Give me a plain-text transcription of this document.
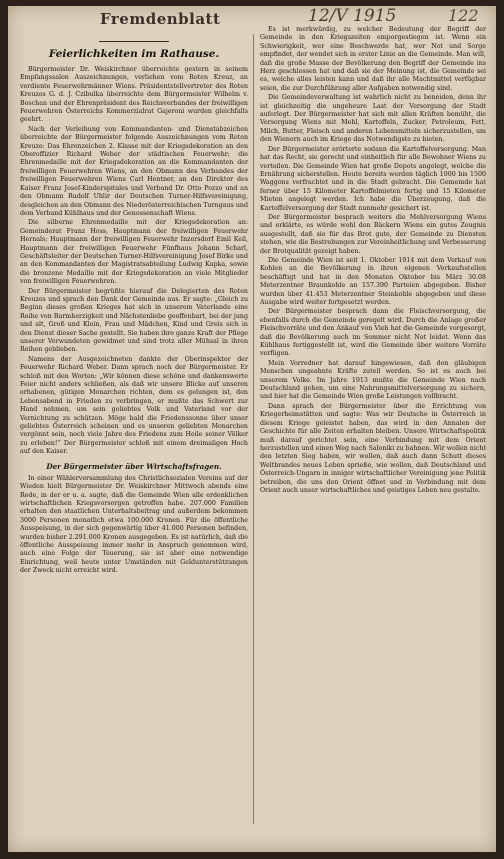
Fremdenblatt	12/V 1915	122
Feierlichkeiten im Rathause.

Bürgermeister Dr. Weiskirchner überreichte gestern in seinem Empfangssalon Auszeichnungen, verliehen vom Roten Kreuz, an verdiente Feuerwehrmänner Wiens. Präsidentstellvertreter des Roten Kreuzes G. d. J. Czibulka überreichte dem Bürgermeister Wilhelm v. Boschan und der Ehrenpräsident des Reichsverbandes der freiwilligen Feuerwehren Österreichs Kommerzialrat Gajeroni wurden gleichfalls geehrt.

Nach der Verleihung von Kommandanten- und Dienstabzeichen überreichte der Bürgermeister folgende Auszeichnungen vom Roten Kreuze: Das Ehrenzeichen 2. Klasse mit der Kriegsdekoration an den Oberoffizier Richard Weber der städtischen Feuerwehr; die Ehrenmedaille mit der Kriegsdekoration an die Kommandanten der freiwilligen Feuerwehren Wiens, an den Obmann des Verbandes der freiwilligen Feuerwehren Wiens Carl Hentner, an den Direktor des Kaiser Franz Josef-Kinderspitales und Verband Dr. Otto Pozzo und an den Obmann Rudolf Uhlir der Deutschen Turner-Hilfsvereinigung, desgleichen an den Obmann des Niederösterreichischen Turngaus und dem Verband Kühlhaus und der Genossenschaft Wiens.

Die silberne Ehrenmedaille mit der Kriegsdekoration an: Gemeinderat Franz Hoss, Hauptmann der freiwilligen Feuerwehr Hernals; Hauptmann der freiwilligen Feuerwehr Inzersdorf Emil Keil, Hauptmann der freiwilligen Feuerwehr Fünfhaus Johann Scharl, Geschäftsleiter der Deutschen Turner-Hilfsvereinigung Josef Birke und an den Kommandanten der Magistratsabteilung Ludwig Kupka, sowie die bronzene Medaille mit der Kriegsdekoration an viele Mitglieder von freiwilligen Feuerwehren.

Der Bürgermeister begrüßte hierauf die Delegierten des Roten Kreuzes und sprach den Dank der Gemeinde aus. Er sagte: „Gleich zu Beginn dieses großen Krieges hat sich in unserem Vaterlande eine Reihe von Barmherzigkeit und Nächstenliebe geoffenbart, bei der jung und alt, Groß und Klein, Frau und Mädchen, Kind und Greis sich in den Dienst dieser Sache gestellt. Sie haben ihre ganze Kraft der Pflege unserer Verwundeten gewidmet und sind trotz aller Mühsal in ihren Reihen geblieben.

Namens der Ausgezeichneten dankte der Oberinspektor der Feuerwehr Richard Weber. Dann sprach noch der Bürgermeister. Er schloß mit den Worten: „Wir können diese schöne und dankenswerte Feier nicht anders schließen, als daß wir unsere Blicke auf unseren erhabenen, gütigen Monarchen richten, dem es gelungen ist, den Lebensabend in Frieden zu verbringen, er mußte das Schwert zur Hand nehmen, um sein geliebtes Volk und Vaterland vor der Vernichtung zu schützen. Möge bald die Friedenssonne über unser geliebtes Österreich scheinen und es unseren geliebten Monarchen vergönnt sein, noch viele Jahre des Friedens zum Heile seiner Völker zu erleben!“ Der Bürgermeister schloß mit einem dreimaligen Hoch auf den Kaiser.

Der Bürgermeister über Wirtschaftsfragen.

In einer Wählerversammlung des Christlichsozialen Vereins auf der Wieden hielt Bürgermeister Dr. Weiskirchner Mittwoch abends eine Rede, in der er u. a. sagte, daß die Gemeinde Wien alle erdenklichen wirtschaftlichen Kriegsvorsorgen getroffen habe. 207.000 Familien erhalten den staatlichen Unterhaltsbeitrag und außerdem bekommen 3000 Personen monatlich etwa 100.000 Kronen. Für die öffentliche Ausspeisung, in der sich gegenwärtig über 41.000 Personen befinden, wurden bisher 2.291.000 Kronen ausgegeben. Es ist natürlich, daß die öffentliche Ausspeisung immer mehr in Anspruch genommen wird, auch eine Folge der Teuerung, sie ist aber eine notwendige Einrichtung, weil heute unter Umständen mit Geldunterstützungen der Zweck nicht erreicht wird.

Es ist merkwürdig, zu welcher Bedeutung der Begriff der Gemeinde in den Kriegszeiten emporgestiegen ist. Wenn ein Schwierigkeit, wer eine Beschwerde hat, wer Not und Sorge empfindet, der wendet sich in erster Linie an die Gemeinde. Man will, daß die große Masse der Bevölkerung den Begriff der Gemeinde ins Herz geschlossen hat und daß sie der Meinung ist, die Gemeinde sei es, welche alles leisten kann und daß ihr alle Machtmittel verfügbar seien, die zur Durchführung aller Aufgaben notwendig sind.

Die Gemeindeverwaltung ist wahrlich nicht zu beneiden, denn ihr ist gleichzeitig die ungeheure Last der Versorgung der Stadt auferlegt. Der Bürgermeister hat sich mit allen Kräften bemüht, die Versorgung Wiens mit Mehl, Kartoffeln, Zucker, Petroleum, Fett, Milch, Butter, Fleisch und anderen Lebensmitteln sicherzustellen, um den Wienern auch im Kriege das Notwendigste zu bieten.

Der Bürgermeister erörterte sodann die Kartoffelversorgung. Man hat das Recht, sie gerecht und einheitlich für alle Bewohner Wiens zu verteilen. Die Gemeinde Wien hat große Depots angelegt, welche die Ernährung sicherstellen. Heute bereits werden täglich 1000 bis 1500 Waggons verfrachtet und in die Stadt gebracht. Die Gemeinde hat ferner über 15 Kilometer Kartoffelmieten fertig und 15 Kilometer Mieten angelegt werden. Ich habe die Überzeugung, daß die Kartoffelversorgung der Stadt nunmehr gesichert ist.

Der Bürgermeister besprach weiters die Mehlversorgung Wiens und erklärte, es würde wohl den Bäckern Wiens ein gutes Zeugnis ausgestellt, daß sie für das Brot gute, der Gemeinde zu Diensten stehen, wie die Bestrebungen zur Vereinheitlichung und Verbesserung der Brotqualität gezeigt haben.

Die Gemeinde Wien ist seit 1. Oktober 1914 mit dem Verkauf von Kohlen an die Bevölkerung in ihren eigenen Verkaufsstellen beschäftigt und hat in den Monaten Oktober bis März 30.08 Meterzentner Braunkohle an 157.390 Parteien abgegeben. Bisher wurden über 41.453 Meterzentner Steinkohle abgegeben und diese Ausgabe wird weiter fortgesetzt werden.

Der Bürgermeister besprach dann die Fleischversorgung, die ebenfalls durch die Gemeinde geregelt wird. Durch die Anlage großer Fleischvorräte und den Ankauf von Vieh hat die Gemeinde vorgesorgt, daß die Bevölkerung auch im Sommer nicht Not leidet. Wenn das Kühlhaus fertiggestellt ist, wird die Gemeinde über weitere Vorräte verfügen.

Mein Vorredner hat darauf hingewiesen, daß den gläubigen Menschen ungeahnte Kräfte zuteil werden. So ist es auch bei unserem Volke. Im Jahre 1913 mußte die Gemeinde Wien nach Deutschland gehen, um eine Nahrungsmittelversorgung zu sichern, und hier hat die Gemeinde Wien große Leistungen vollbracht.

Dann sprach der Bürgermeister über die Errichtung von Kriegerheimstätten und sagte: Was wir Deutsche in Österreich in diesem Kriege geleistet haben, das wird in den Annalen der Geschichte für alle Zeiten erhalten bleiben. Unsere Wirtschaftspolitik muß darauf gerichtet sein, eine Verbindung mit dem Orient herzustellen und einen Weg nach Saloniki zu bahnen. Wir wollen nicht den letzten Sieg haben, wir wollen, daß auch dann Schutt dieses Weltbrandes neues Leben sprieße, wie wollen, daß Deutschland und Österreich-Ungarn in inniger wirtschaftlicher Vereinigung jene Politik betreiben, die uns den Orient öffnet und in Verbindung mit dem Orient auch unser wirtschaftliches und geistiges Leben neu gestalte.
